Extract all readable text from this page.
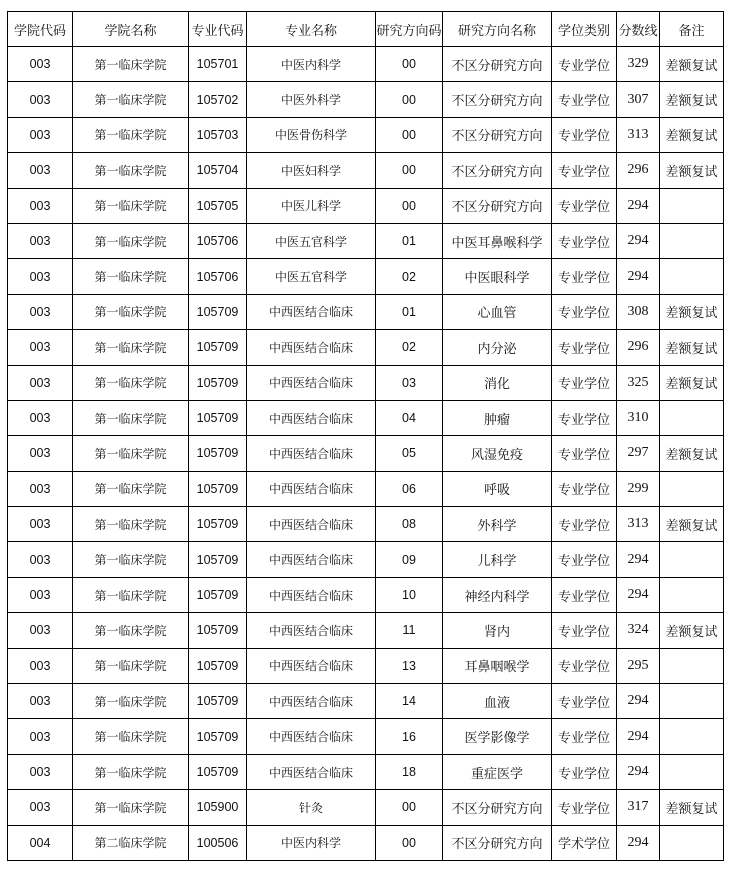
学院代码	学院名称	专业代码	专业名称	研究方向码	研究方向名称	学位类别	分数线	备注
003	第一临床学院	105701	中医内科学	00	不区分研究方向	专业学位	329	差额复试
003	第一临床学院	105702	中医外科学	00	不区分研究方向	专业学位	307	差额复试
003	第一临床学院	105703	中医骨伤科学	00	不区分研究方向	专业学位	313	差额复试
003	第一临床学院	105704	中医妇科学	00	不区分研究方向	专业学位	296	差额复试
003	第一临床学院	105705	中医儿科学	00	不区分研究方向	专业学位	294	
003	第一临床学院	105706	中医五官科学	01	中医耳鼻喉科学	专业学位	294	
003	第一临床学院	105706	中医五官科学	02	中医眼科学	专业学位	294	
003	第一临床学院	105709	中西医结合临床	01	心血管	专业学位	308	差额复试
003	第一临床学院	105709	中西医结合临床	02	内分泌	专业学位	296	差额复试
003	第一临床学院	105709	中西医结合临床	03	消化	专业学位	325	差额复试
003	第一临床学院	105709	中西医结合临床	04	肿瘤	专业学位	310	
003	第一临床学院	105709	中西医结合临床	05	风湿免疫	专业学位	297	差额复试
003	第一临床学院	105709	中西医结合临床	06	呼吸	专业学位	299	
003	第一临床学院	105709	中西医结合临床	08	外科学	专业学位	313	差额复试
003	第一临床学院	105709	中西医结合临床	09	儿科学	专业学位	294	
003	第一临床学院	105709	中西医结合临床	10	神经内科学	专业学位	294	
003	第一临床学院	105709	中西医结合临床	11	肾内	专业学位	324	差额复试
003	第一临床学院	105709	中西医结合临床	13	耳鼻咽喉学	专业学位	295	
003	第一临床学院	105709	中西医结合临床	14	血液	专业学位	294	
003	第一临床学院	105709	中西医结合临床	16	医学影像学	专业学位	294	
003	第一临床学院	105709	中西医结合临床	18	重症医学	专业学位	294	
003	第一临床学院	105900	针灸	00	不区分研究方向	专业学位	317	差额复试
004	第二临床学院	100506	中医内科学	00	不区分研究方向	学术学位	294	
